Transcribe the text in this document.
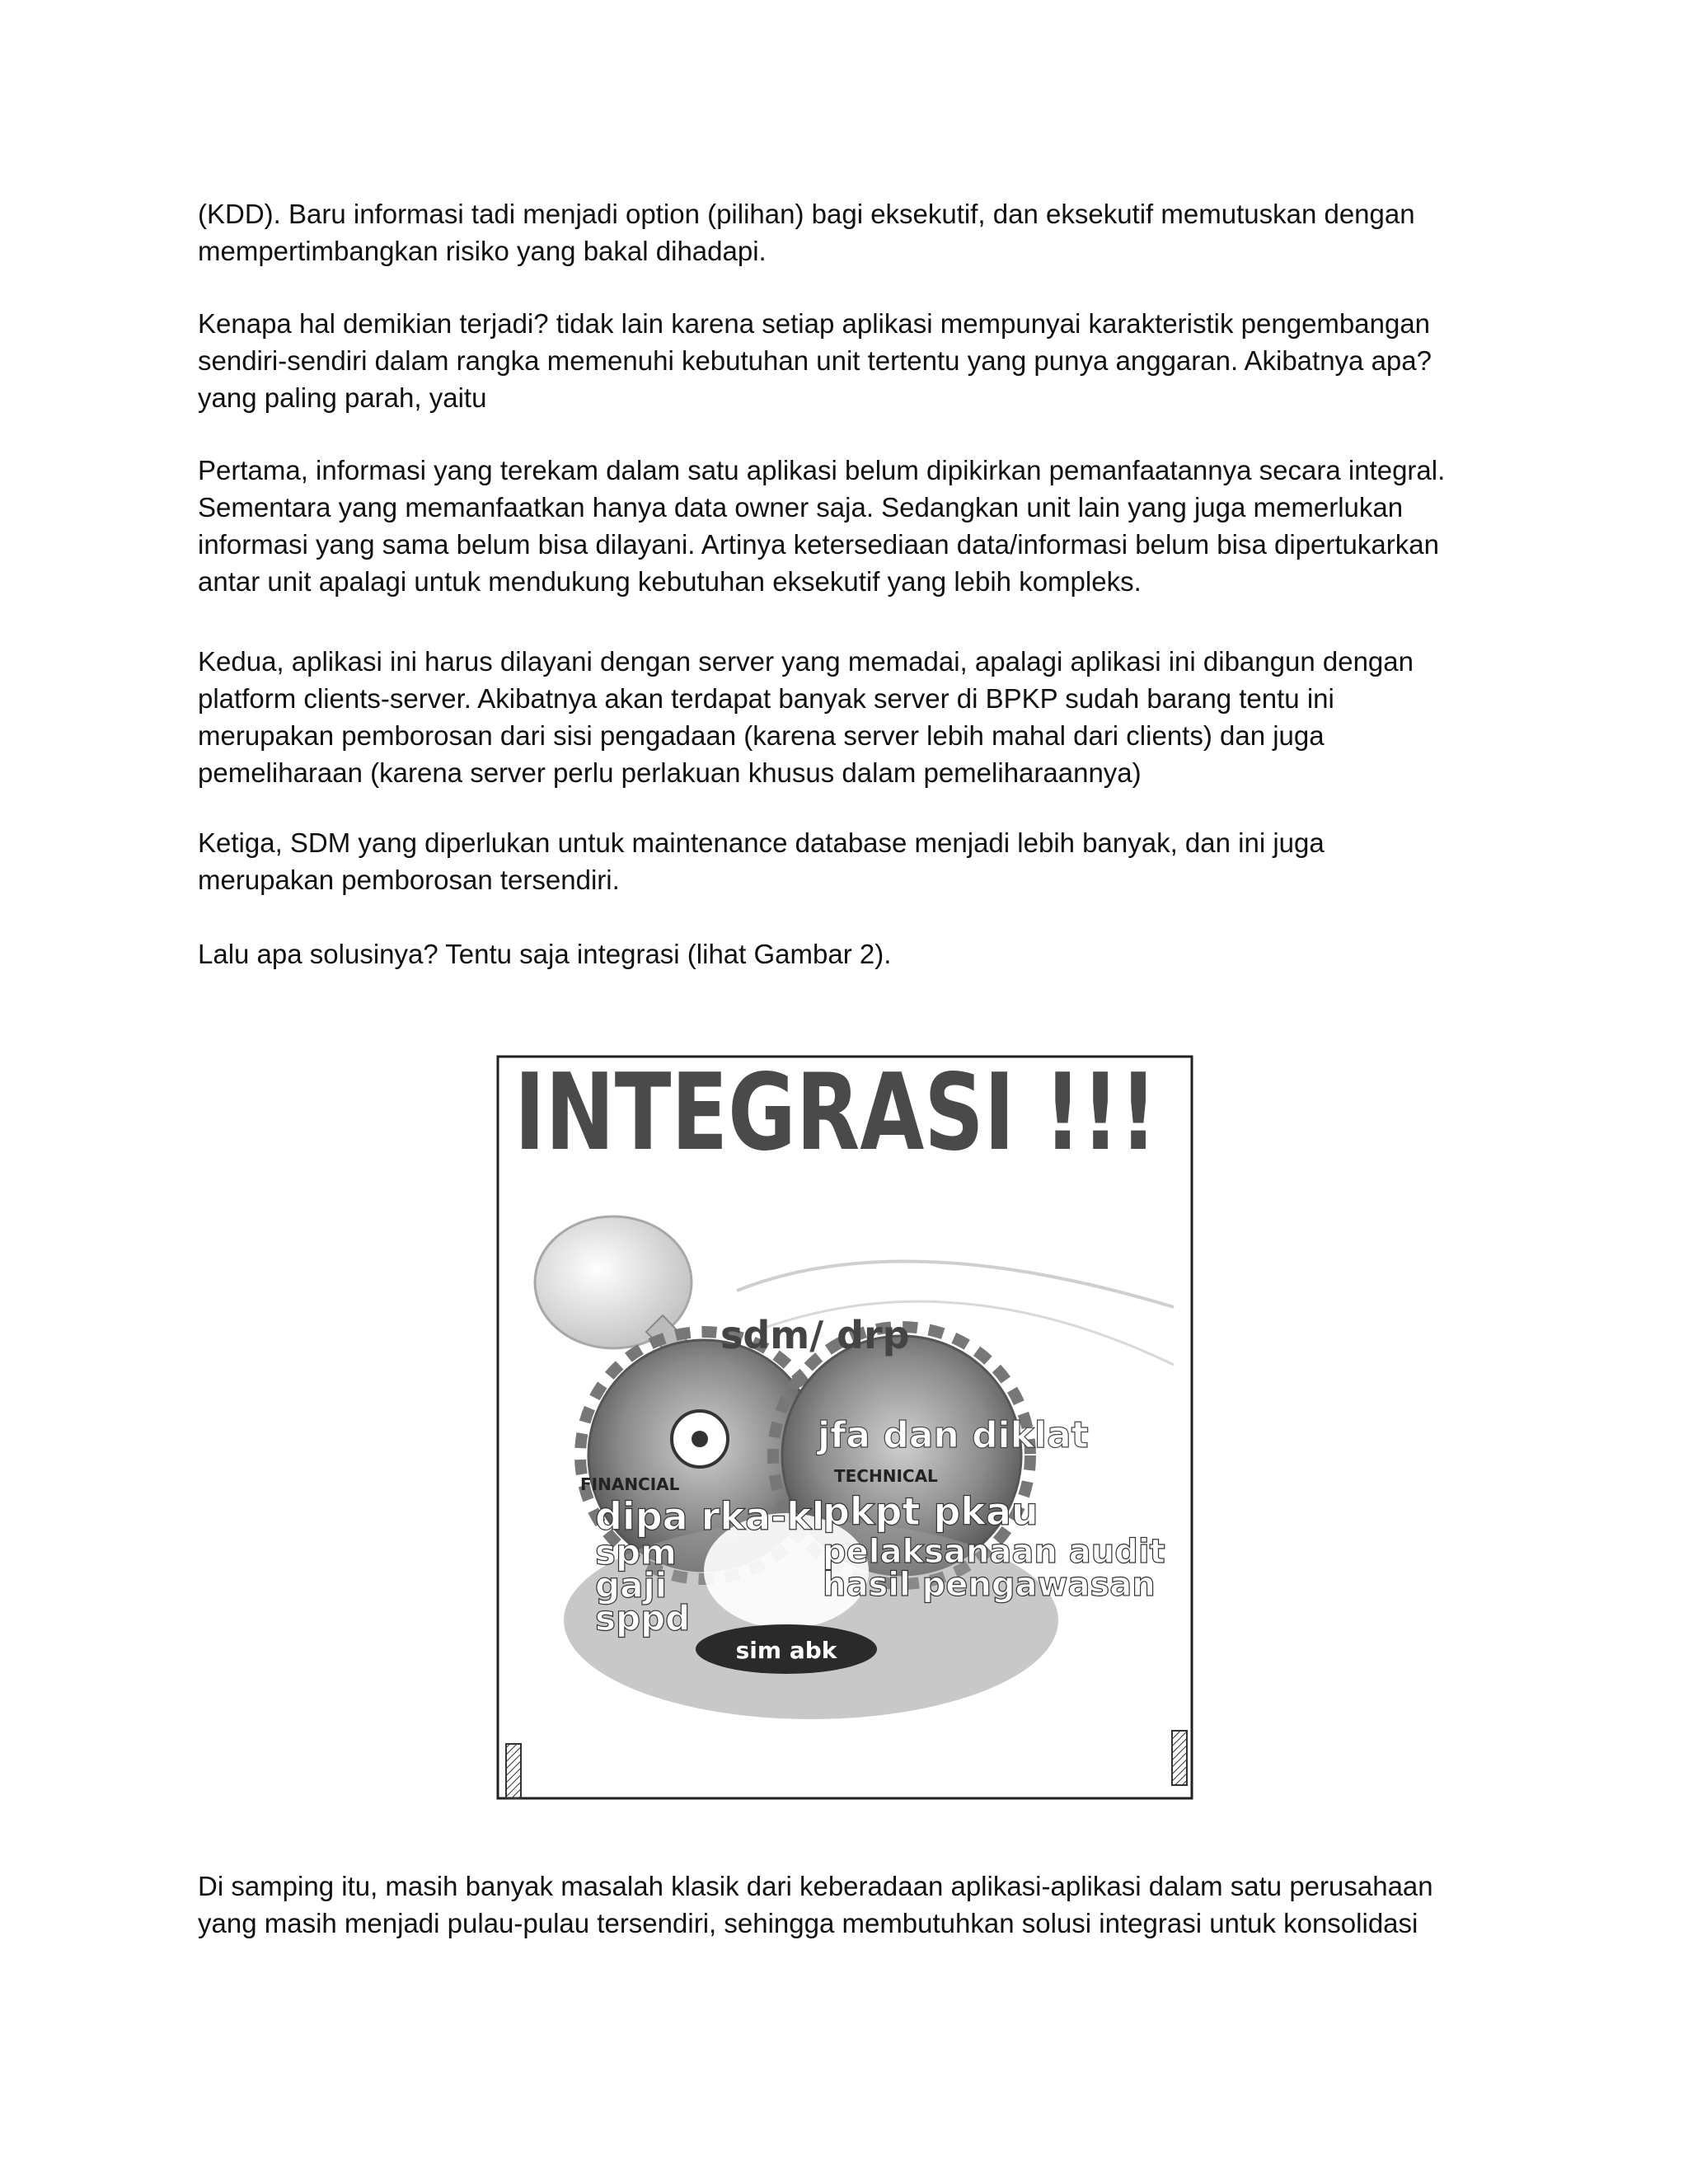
(KDD). Baru informasi tadi menjadi option (pilihan) bagi eksekutif, dan eksekutif memutuskan dengan
mempertimbangkan risiko yang bakal dihadapi.

Kenapa hal demikian terjadi? tidak lain karena setiap aplikasi mempunyai karakteristik pengembangan
sendiri-sendiri dalam rangka memenuhi kebutuhan unit tertentu yang punya anggaran. Akibatnya apa?
yang paling parah, yaitu

Pertama, informasi yang terekam dalam satu aplikasi belum dipikirkan pemanfaatannya secara integral.
Sementara yang memanfaatkan hanya data owner saja. Sedangkan unit lain yang juga memerlukan
informasi yang sama belum bisa dilayani. Artinya ketersediaan data/informasi belum bisa dipertukarkan
antar unit apalagi untuk mendukung kebutuhan eksekutif yang lebih kompleks.

Kedua, aplikasi ini harus dilayani dengan server yang memadai, apalagi aplikasi ini dibangun dengan
platform clients-server. Akibatnya akan terdapat banyak server di BPKP sudah barang tentu ini
merupakan pemborosan dari sisi pengadaan (karena server lebih mahal dari clients) dan juga
pemeliharaan (karena server perlu perlakuan khusus dalam pemeliharaannya)

Ketiga, SDM yang diperlukan untuk maintenance database menjadi lebih banyak, dan ini juga
merupakan pemborosan tersendiri.

Lalu apa solusinya? Tentu saja integrasi (lihat Gambar 2).

INTEGRASI !!!
sdm/ drp
jfa dan diklat
FINANCIAL	TECHNICAL
dipa rka-kl
spm
gaji
sppd
pkpt pkau
pelaksanaan audit
hasil pengawasan
sim abk

Di samping itu, masih banyak masalah klasik dari keberadaan aplikasi-aplikasi dalam satu perusahaan
yang masih menjadi pulau-pulau tersendiri, sehingga membutuhkan solusi integrasi untuk konsolidasi
